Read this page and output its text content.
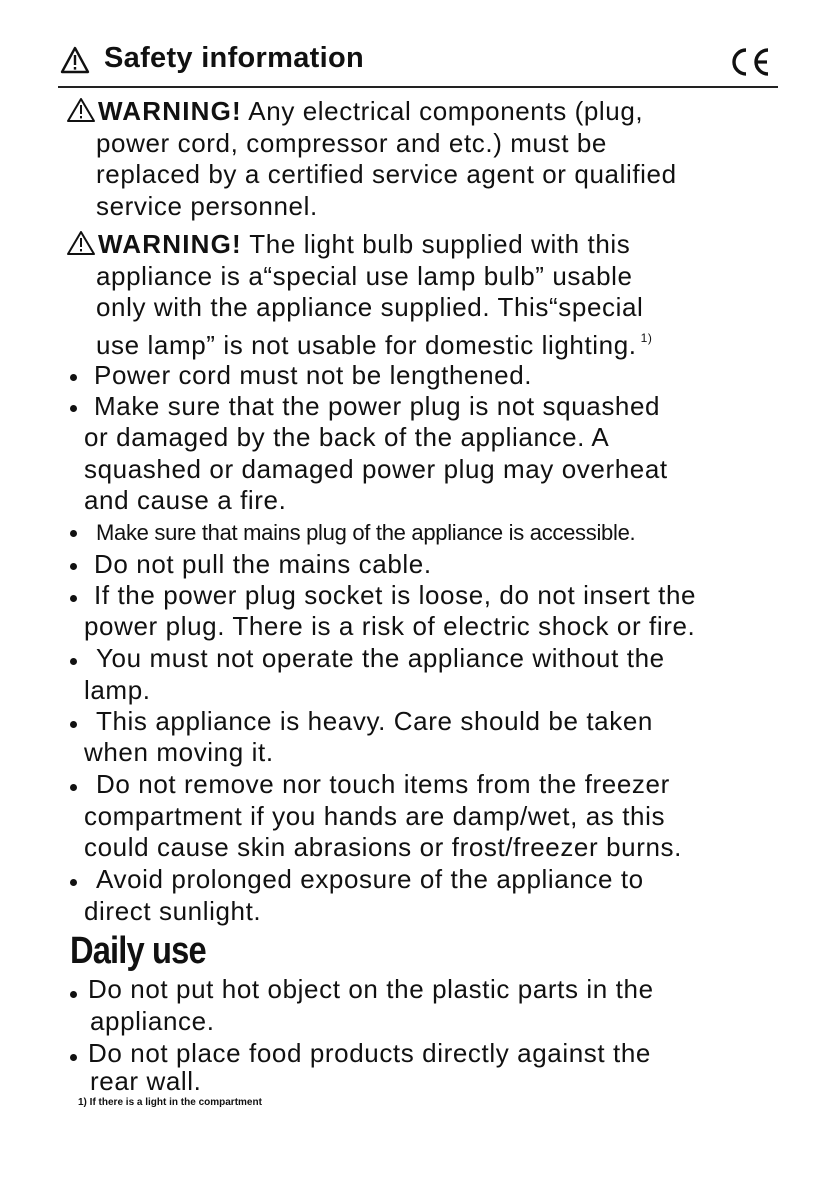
Safety information
WARNING! Any electrical components (plug,
power cord, compressor and etc.) must be
replaced by a certified service agent or qualified
service personnel.
WARNING! The light bulb supplied with this
appliance is a“special use lamp bulb” usable
only with the appliance supplied. This“special
use lamp” is not usable for domestic lighting. $^{1)}$
Power cord must not be lengthened.
Make sure that the power plug is not squashed
or damaged by the back of the appliance. A
squashed or damaged power plug may overheat
and cause a fire.
Make sure that mains plug of the appliance is accessible.
Do not pull the mains cable.
If the power plug socket is loose, do not insert the
power plug. There is a risk of electric shock or fire.
You must not operate the appliance without the
lamp.
This appliance is heavy. Care should be taken
when moving it.
Do not remove nor touch items from the freezer
compartment if you hands are damp/wet, as this
could cause skin abrasions or frost/freezer burns.
Avoid prolonged exposure of the appliance to
direct sunlight.
Daily use
Do not put hot object on the plastic parts in the
appliance.
Do not place food products directly against the
rear wall.
1) If there is a light in the compartment
